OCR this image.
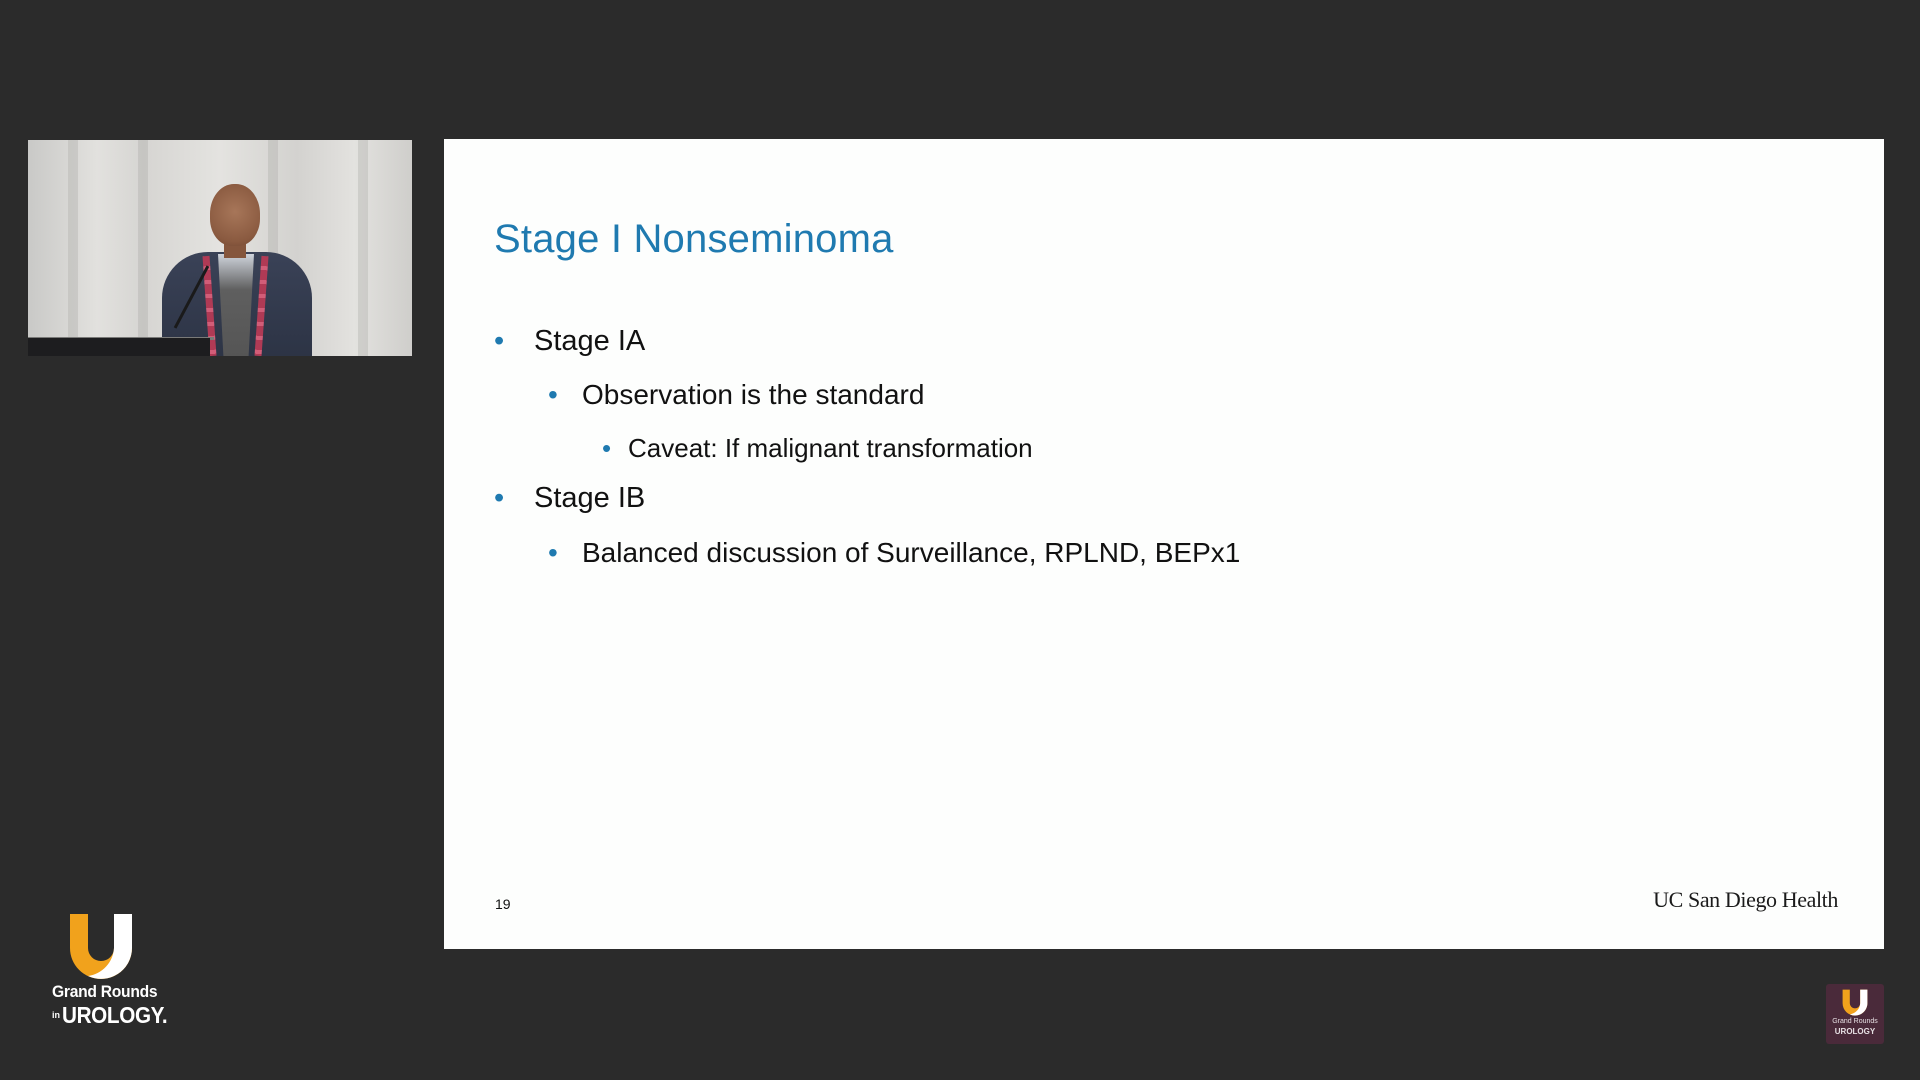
Stage I Nonseminoma
• Stage IA
• Observation is the standard
• Caveat: If malignant transformation
• Stage IB
• Balanced discussion of Surveillance, RPLND, BEPx1
19	UC San Diego Health
Grand Rounds
in UROLOGY.	Grand Rounds
UROLOGY
